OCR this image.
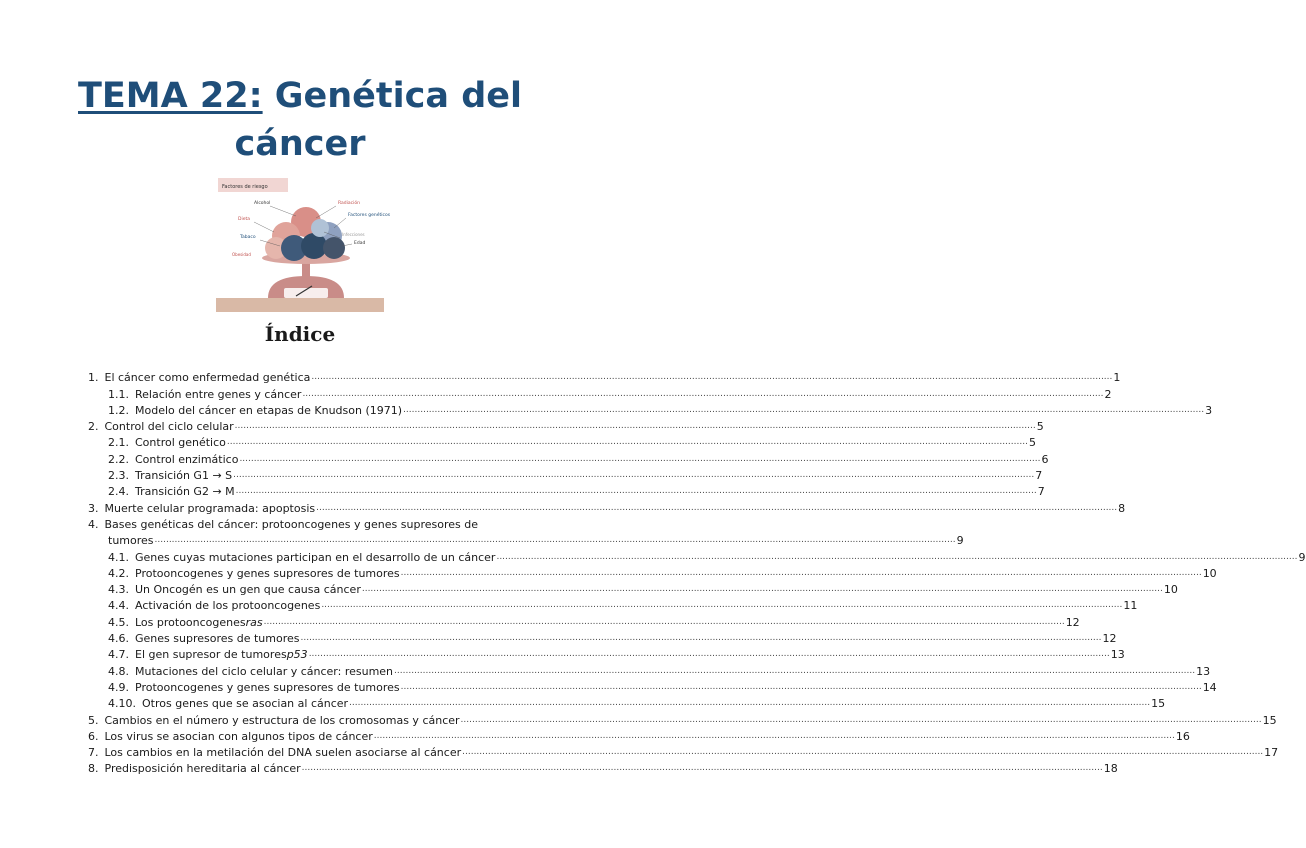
TEMA 22: Genética del
cáncer
Factores de riesgo
Alcohol	Radiación
Dieta
Factores genéticos
Tabaco
Infecciones
Edad
Obesidad
Índice
1. El cáncer como enfermedad genética .....	1
1.1. Relación entre genes y cáncer .....	2
1.2. Modelo del cáncer en etapas de Knudson (1971) .....	3
2. Control del ciclo celular .....	5
2.1. Control genético .....	5
2.2. Control enzimático .....	6
2.3. Transición G1 → S .....	7
2.4. Transición G2 → M .....	7
3. Muerte celular programada: apoptosis .....	8
4. Bases genéticas del cáncer: protooncogenes y genes supresores de
tumores .....	9
4.1. Genes cuyas mutaciones participan en el desarrollo de un cáncer .....	9
4.2. Protooncogenes y genes supresores de tumores .....	10
4.3. Un Oncogén es un gen que causa cáncer .....	10
4.4. Activación de los protooncogenes .....	11
4.5. Los protooncogenes ras .....	12
4.6. Genes supresores de tumores .....	12
4.7. El gen supresor de tumores p53 .....	13
4.8. Mutaciones del ciclo celular y cáncer: resumen .....	13
4.9. Protooncogenes y genes supresores de tumores .....	14
4.10. Otros genes que se asocian al cáncer .....	15
5. Cambios en el número y estructura de los cromosomas y cáncer .....	15
6. Los virus se asocian con algunos tipos de cáncer .....	16
7. Los cambios en la metilación del DNA suelen asociarse al cáncer .....	17
8. Predisposición hereditaria al cáncer .....	18
